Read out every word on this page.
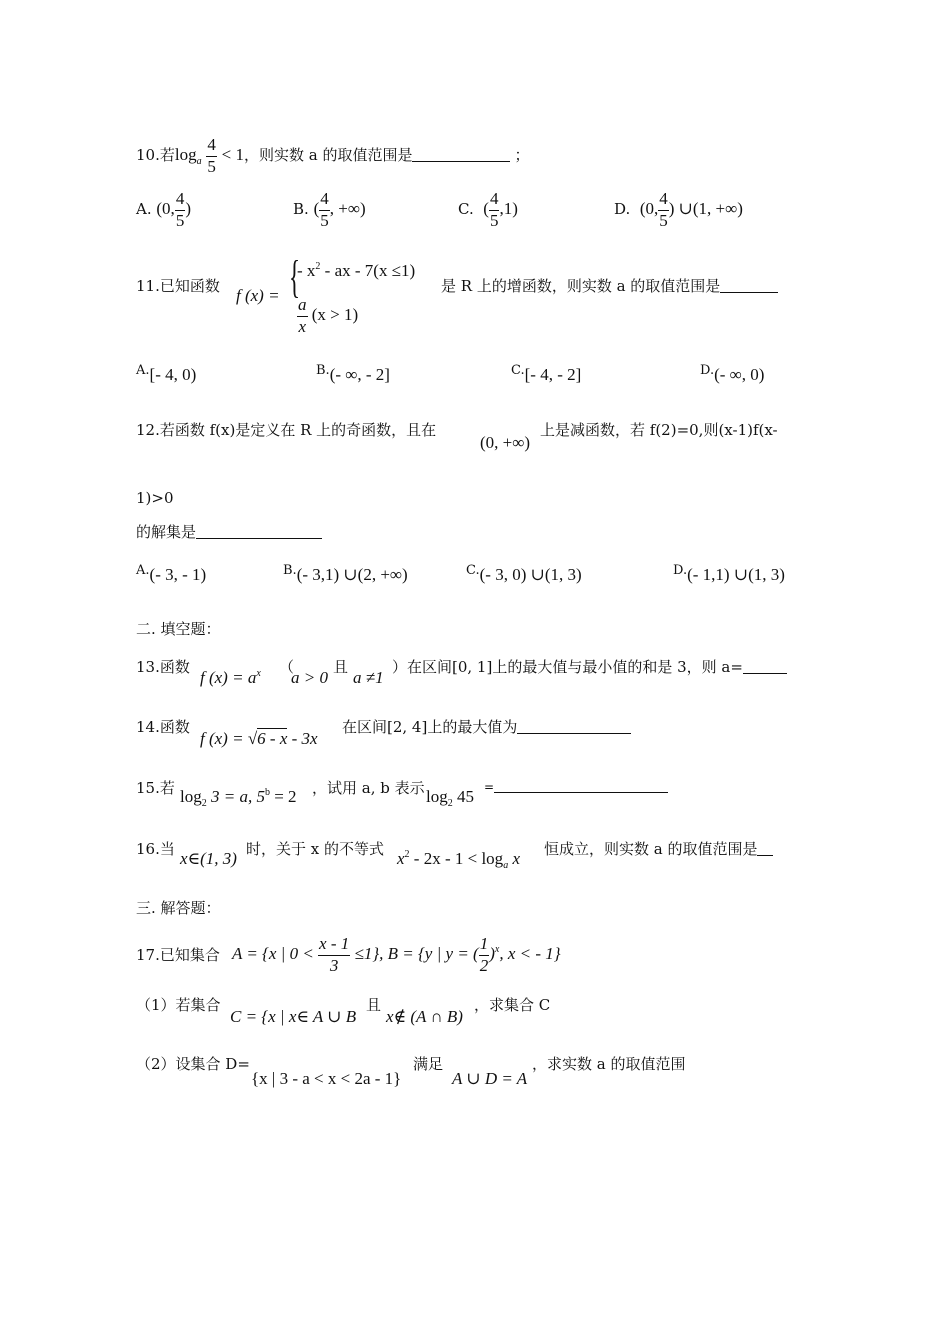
10.若$\log_a \frac{4}{5} < 1$，则实数 a 的取值范围是	；
A. (0, $\frac{4}{5}$ )	B. ( $\frac{4}{5}$ , +∞)	C. ( $\frac{4}{5} ,1$)	D. (0, $\frac{4}{5}$ ) ∪(1, +∞)
11.已知函数 f (x) = {
- $x^2$ - ax - 7(x ≤1)
$\frac{a}{x} (x > 1)$
是 R 上的增函数，则实数 a 的取值范围是
A.[- 4, 0)	B.(- ∞, - 2]	C.[- 4, - 2]	D.(- ∞, 0)
12.若函数 f(x)是定义在 R 上的奇函数，且在
(0, +∞)
上是减函数，若 f(2)=0,则(x-1)f(x-
1)>0
的解集是
A.(- 3, - 1)	B.(- 3,1) ∪(2, +∞)	C.(- 3, 0) ∪(1, 3)	D.(- 1,1) ∪(1, 3)
二. 填空题：
13.函数
f $(x) = a^x$ （
a > 0
且
a ≠1
）在区间[0, 1]上的最大值与最小值的和是 3，则 a=
14.函数
f (x) = √6 - x - 3x
在区间[2, 4]上的最大值为
15.若 $\log_2 3 = a$, $5^b = 2$ ，试用 a, b 表示 $\log_2 45$ =
16.当 x∈(1, 3) 时，关于 x 的不等式 $x^2 - 2x - 1 < \log_a x$ 恒成立，则实数 a 的取值范围是
三. 解答题：
17.已知集合 A = {x | $0 < \frac{x - 1}{3} \le 1$}, B = {y | y = ( $\frac{1}{2} )^x$, x < - 1}
（1）若集合
C = {x | x∈ A ∪ B
且
x∉ (A ∩ B)
，求集合 C
（2）设集合 D=
{x | 3 - a < x < 2a - 1}
满足
A ∪ D = A
，求实数 a 的取值范围
